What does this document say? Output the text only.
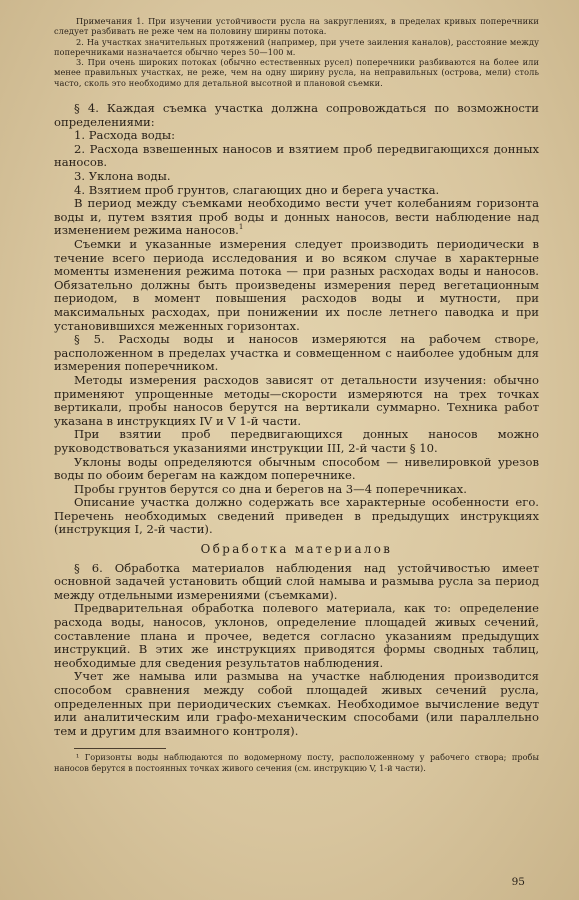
Примечания 1. При изучении устойчивости русла на закруглениях, в пределах кривых поперечники следует разбивать не реже чем на половину ширины потока.

2. На участках значительных протяжений (например, при учете заиления каналов), расстояние между поперечниками назначается обычно через 50—100 м.

3. При очень широких потоках (обычно естественных русел) поперечники разбиваются на более или менее правильных участках, не реже, чем на одну ширину русла, на неправильных (острова, мели) столь часто, сколь это необходимо для детальной высотной и плановой съемки.

§ 4. Каждая съемка участка должна сопровождаться по возможности определениями:

1. Расхода воды:

2. Расхода взвешенных наносов и взятием проб передвигающихся донных наносов.

3. Уклона воды.

4. Взятием проб грунтов, слагающих дно и берега участка.

В период между съемками необходимо вести учет колебаниям горизонта воды и, путем взятия проб воды и донных наносов, вести наблюдение над изменением режима наносов.$^1$

Съемки и указанные измерения следует производить периодически в течение всего периода исследования и во всяком случае в характерные моменты изменения режима потока — при разных расходах воды и наносов. Обязательно должны быть произведены измерения перед вегетационным периодом, в момент повышения расходов воды и мутности, при максимальных расходах, при понижении их после летнего паводка и при установившихся меженных горизонтах.

§ 5. Расходы воды и наносов измеряются на рабочем створе, расположенном в пределах участка и совмещенном с наиболее удобным для измерения поперечником.

Методы измерения расходов зависят от детальности изучения: обычно применяют упрощенные методы—скорости измеряются на трех точках вертикали, пробы наносов берутся на вертикали суммарно. Техника работ указана в инструкциях IV и V 1-й части.

При взятии проб передвигающихся донных наносов можно руководствоваться указаниями инструкции III, 2-й части § 10.

Уклоны воды определяются обычным способом — нивелировкой урезов воды по обоим берегам на каждом поперечнике.

Пробы грунтов берутся со дна и берегов на 3—4 поперечниках.

Описание участка должно содержать все характерные особенности его. Перечень необходимых сведений приведен в предыдущих инструкциях (инструкция I, 2-й части).

Обработка материалов

§ 6. Обработка материалов наблюдения над устойчивостью имеет основной задачей установить общий слой намыва и размыва русла за период между отдельными измерениями (съемками).

Предварительная обработка полевого материала, как то: определение расхода воды, наносов, уклонов, определение площадей живых сечений, составление плана и прочее, ведется согласно указаниям предыдущих инструкций. В этих же инструкциях приводятся формы сводных таблиц, необходимые для сведения результатов наблюдения.

Учет же намыва или размыва на участке наблюдения производится способом сравнения между собой площадей живых сечений русла, определенных при периодических съемках. Необходимое вычисление ведут или аналитическим или графо-механическим способами (или параллельно тем и другим для взаимного контроля).

¹ Горизонты воды наблюдаются по водомерному посту, расположенному у рабочего створа; пробы наносов берутся в постоянных точках живого сечения (см. инструкцию V, 1-й части).

95
